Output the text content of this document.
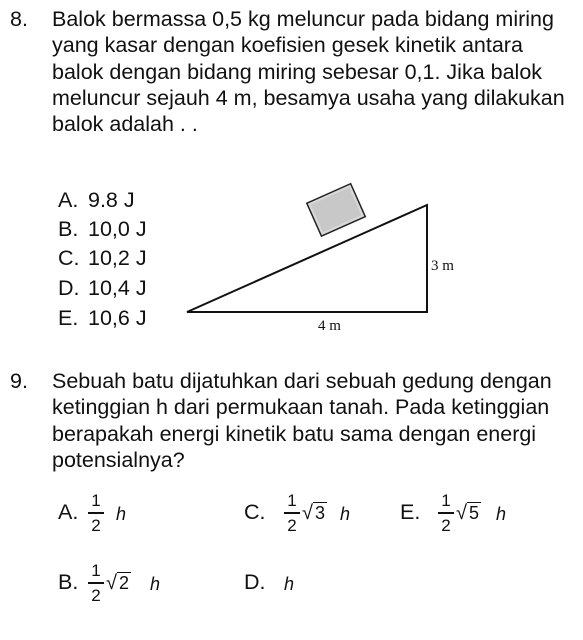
8. Balok bermassa 0,5 kg meluncur pada bidang miring yang kasar dengan koefisien gesek kinetik antara balok dengan bidang miring sebesar 0,1. Jika balok meluncur sejauh 4 m, besamya usaha yang dilakukan balok adalah . .
A. 9.8 J
B. 10,0 J
C. 10,2 J
D. 10,4 J
E. 10,6 J
3 m
4 m
9. Sebuah batu dijatuhkan dari sebuah gedung dengan ketinggian h dari permukaan tanah. Pada ketinggian berapakah energi kinetik batu sama dengan energi potensialnya?
A. 1
2
h	C. 1
2
√ 3 h E. 1
2
√ 5 h
B. 1
2
√ 2 h	D. h
